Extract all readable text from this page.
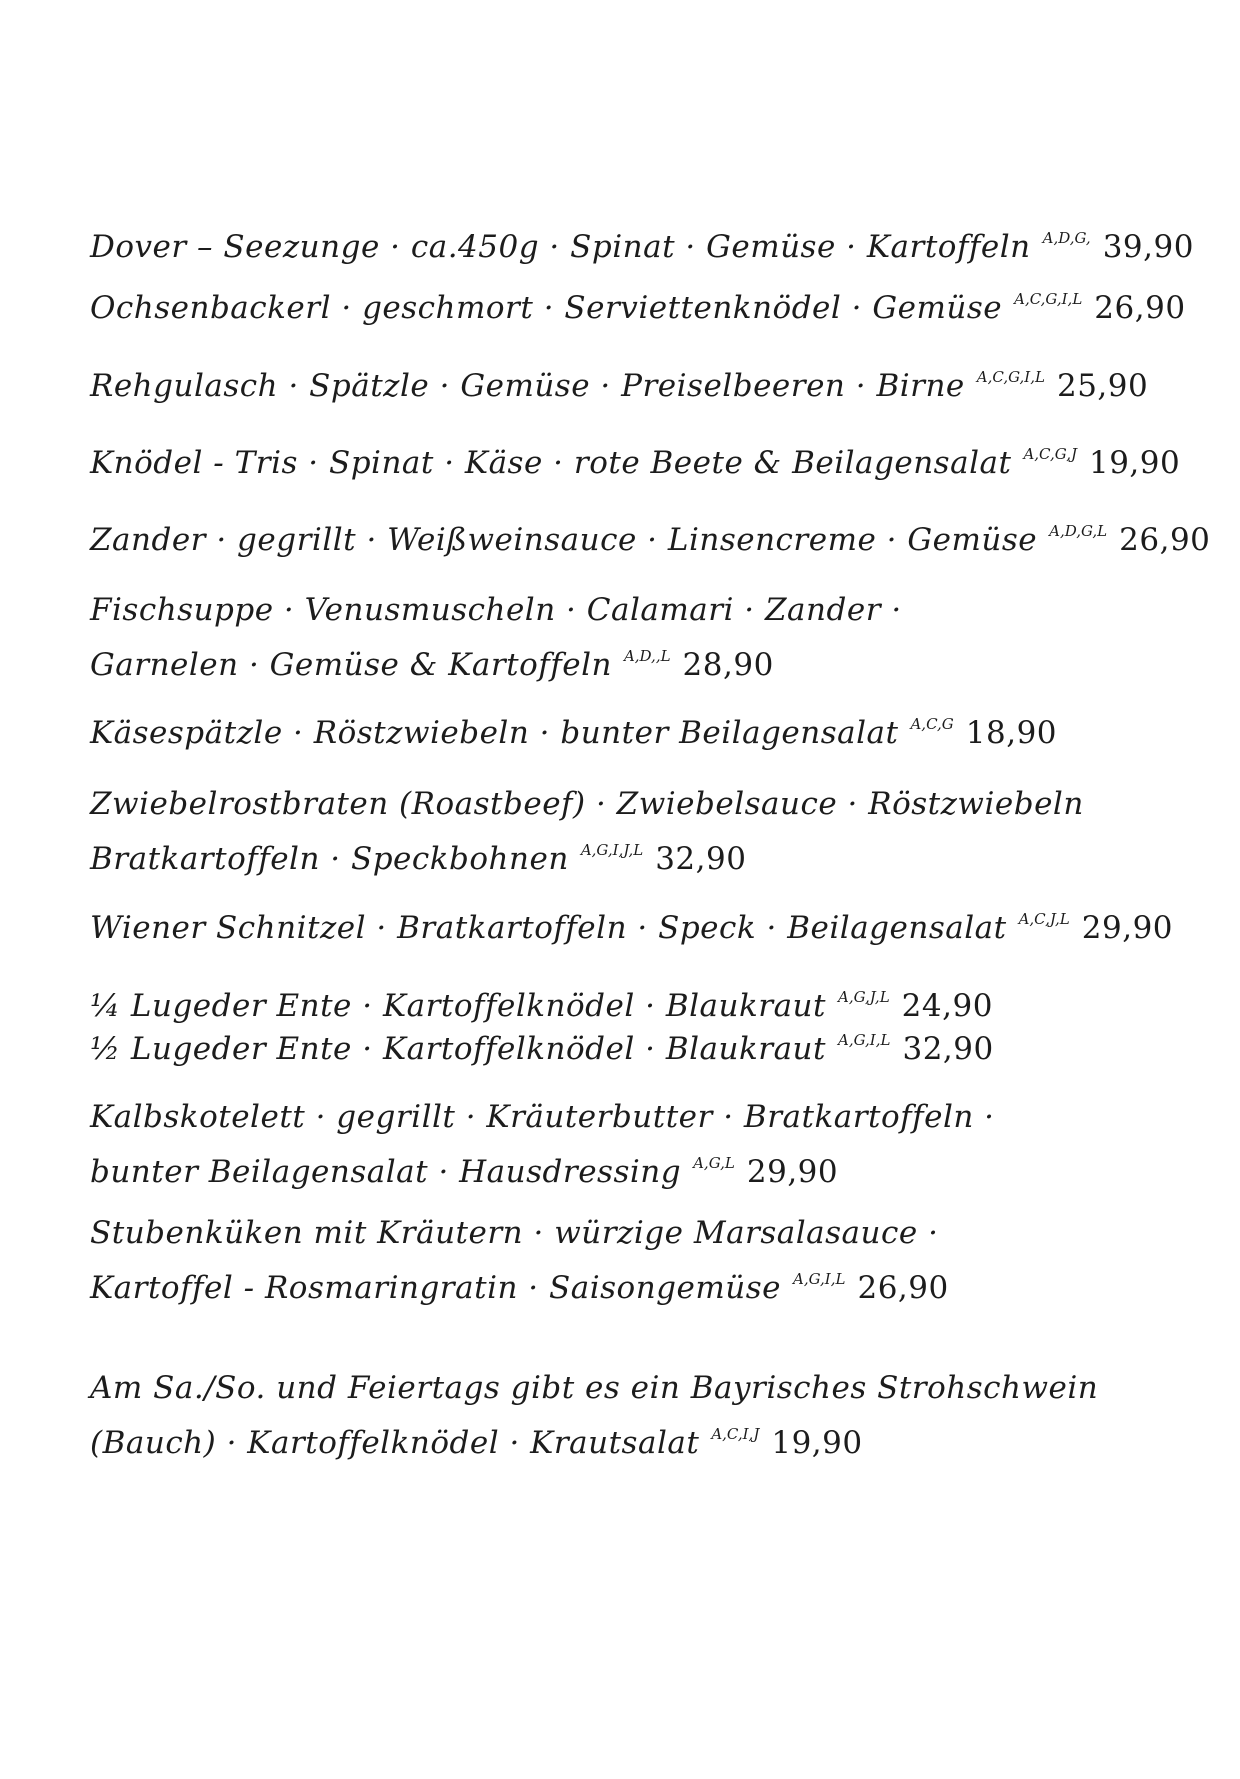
Dover – Seezunge · ca.450g · Spinat · Gemüse · Kartoffeln $^{A,D,G,}$ 39,90
Ochsenbackerl · geschmort · Serviettenknödel · Gemüse $^{A,C,G,I,L}$ 26,90
Rehgulasch · Spätzle · Gemüse · Preiselbeeren · Birne $^{A,C,G,I,L}$ 25,90
Knödel - Tris · Spinat · Käse · rote Beete & Beilagensalat $^{A,C,G,J}$ 19,90
Zander · gegrillt · Weißweinsauce · Linsencreme · Gemüse $^{A,D,G,L}$ 26,90
Fischsuppe · Venusmuscheln · Calamari · Zander ·
Garnelen · Gemüse & Kartoffeln $^{A,D,,L}$ 28,90
Käsespätzle · Röstzwiebeln · bunter Beilagensalat $^{A,C,G}$ 18,90
Zwiebelrostbraten (Roastbeef) · Zwiebelsauce · Röstzwiebeln
Bratkartoffeln · Speckbohnen $^{A,G,I,J,L}$ 32,90
Wiener Schnitzel · Bratkartoffeln · Speck · Beilagensalat $^{A,C,J,L}$ 29,90
¼ Lugeder Ente · Kartoffelknödel · Blaukraut $^{A,G,J,L}$ 24,90
½ Lugeder Ente · Kartoffelknödel · Blaukraut $^{A,G,I,L}$ 32,90
Kalbskotelett · gegrillt · Kräuterbutter · Bratkartoffeln ·
bunter Beilagensalat · Hausdressing $^{A,G,L}$ 29,90
Stubenküken mit Kräutern · würzige Marsalasauce ·
Kartoffel - Rosmaringratin · Saisongemüse $^{A,G,I,L}$ 26,90
Am Sa./So. und Feiertags gibt es ein Bayrisches Strohschwein
(Bauch) · Kartoffelknödel · Krautsalat $^{A,C,I,J}$ 19,90
